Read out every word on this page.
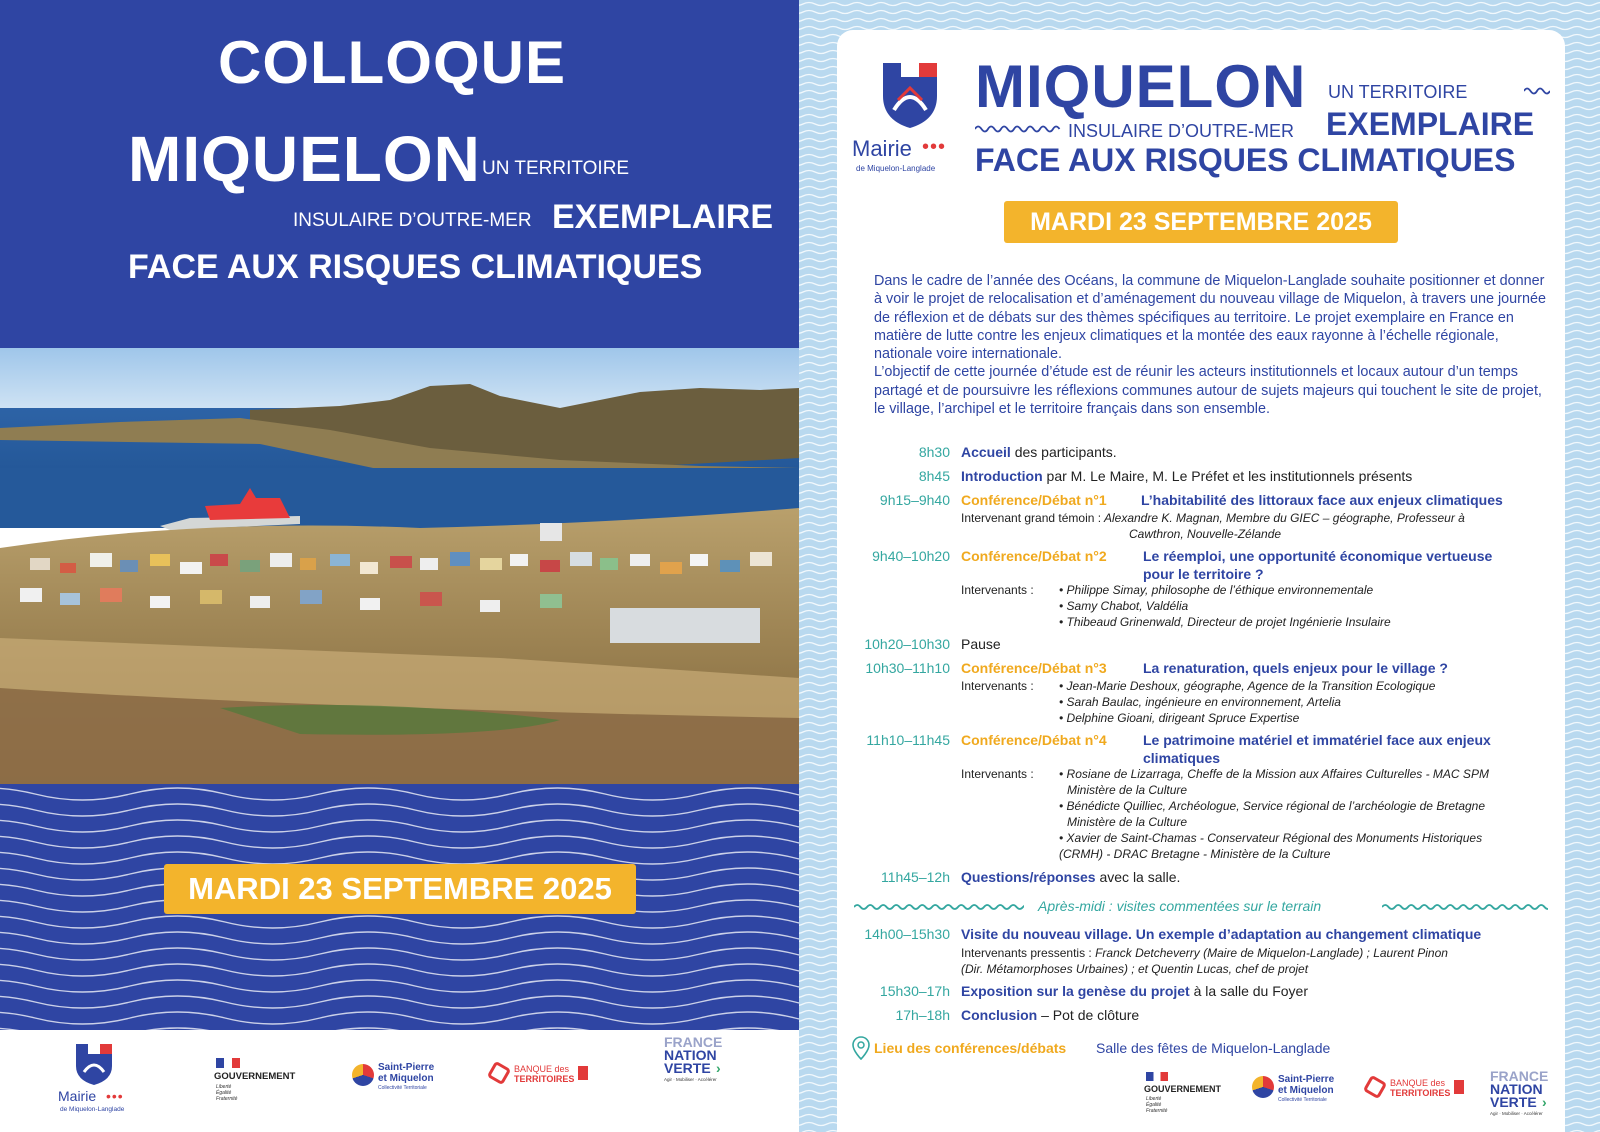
COLLOQUE
MIQUELON UN TERRITOIRE
INSULAIRE D’OUTRE-MER EXEMPLAIRE
FACE AUX RISQUES CLIMATIQUES
MARDI 23 SEPTEMBRE 2025
Mairie •••
de Miquelon-Langlade
GOUVERNEMENT
Liberté
Égalité
Fraternité
Saint-Pierre
et Miquelon
Collectivité Territoriale
BANQUE des
TERRITOIRES
FRANCE
NATION
VERTE ›
Agir · Mobiliser · Accélérer
Mairie •••
de Miquelon-Langlade
MIQUELON UN TERRITOIRE
INSULAIRE D’OUTRE-MER EXEMPLAIRE
FACE AUX RISQUES CLIMATIQUES
MARDI 23 SEPTEMBRE 2025

Dans le cadre de l’année des Océans, la commune de Miquelon-Langlade souhaite positionner et donner à voir le projet de relocalisation et d’aménagement du nouveau village de Miquelon, à travers une journée de réflexion et de débats sur des thèmes spécifiques au territoire. Le projet exemplaire en France en matière de lutte contre les enjeux climatiques et la montée des eaux rayonne à l’échelle régionale, nationale voire internationale.

L’objectif de cette journée d’étude est de réunir les acteurs institutionnels et locaux autour d’un temps partagé et de poursuivre les réflexions communes autour de sujets majeurs qui touchent le site de projet, le village, l’archipel et le territoire français dans son ensemble.

8h30 Accueil des participants.
8h45 Introduction par M. Le Maire, M. Le Préfet et les institutionnels présents
9h15–9h40 Conférence/Débat n°1 L’habitabilité des littoraux face aux enjeux climatiques
Intervenant grand témoin : Alexandre K. Magnan, Membre du GIEC – géographe, Professeur à
Cawthron, Nouvelle-Zélande
9h40–10h20 Conférence/Débat n°2	Le réemploi, une opportunité économique vertueuse
pour le territoire ?
Intervenants : • Philippe Simay, philosophe de l’éthique environnementale
• Samy Chabot, Valdélia
• Thibeaud Grinenwald, Directeur de projet Ingénierie Insulaire
10h20–10h30 Pause
10h30–11h10 Conférence/Débat n°3	La renaturation, quels enjeux pour le village ?
Intervenants : • Jean-Marie Deshoux, géographe, Agence de la Transition Ecologique
• Sarah Baulac, ingénieure en environnement, Artelia
• Delphine Gioani, dirigeant Spruce Expertise
11h10–11h45 Conférence/Débat n°4	Le patrimoine matériel et immatériel face aux enjeux
climatiques
Intervenants : • Rosiane de Lizarraga, Cheffe de la Mission aux Affaires Culturelles - MAC SPM
Ministère de la Culture
• Bénédicte Quilliec, Archéologue, Service régional de l’archéologie de Bretagne
Ministère de la Culture
• Xavier de Saint-Chamas - Conservateur Régional des Monuments Historiques
(CRMH) - DRAC Bretagne - Ministère de la Culture
11h45–12h Questions/réponses avec la salle.
14h00–15h30 Visite du nouveau village. Un exemple d’adaptation au changement climatique
Intervenants pressentis : Franck Detcheverry (Maire de Miquelon-Langlade) ; Laurent Pinon
(Dir. Métamorphoses Urbaines) ; et Quentin Lucas, chef de projet
15h30–17h Exposition sur la genèse du projet à la salle du Foyer
17h–18h Conclusion – Pot de clôture
Après-midi : visites commentées sur le terrain
Lieu des conférences/débats Salle des fêtes de Miquelon-Langlade
GOUVERNEMENT
Liberté
Égalité
Fraternité
Saint-Pierre
et Miquelon
Collectivité Territoriale
BANQUE des
TERRITOIRES
FRANCE
NATION
VERTE ›
Agir · Mobiliser · Accélérer
